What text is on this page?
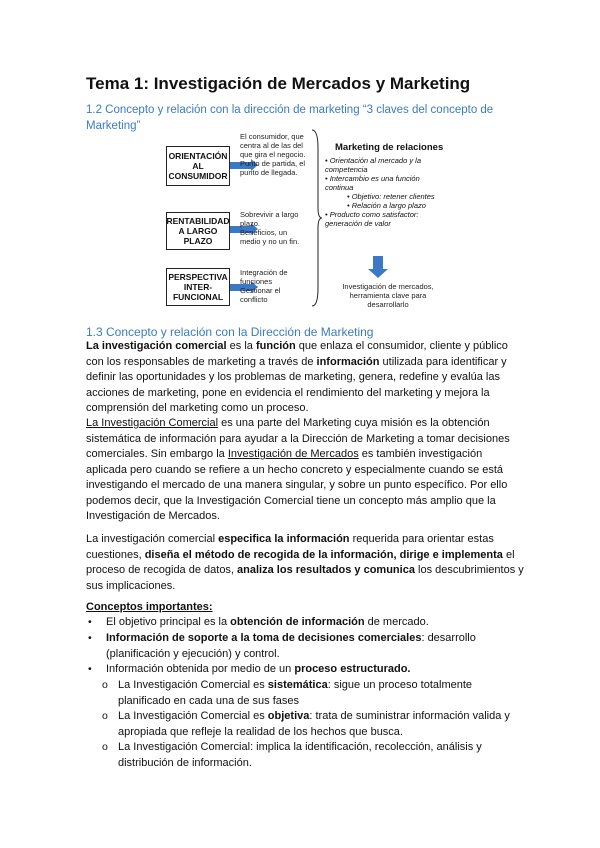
Tema 1: Investigación de Mercados y Marketing
1.2 Concepto y relación con la dirección de marketing “3 claves del concepto de Marketing”
ORIENTACIÓN AL CONSUMIDOR
El consumidor, que centra al de las del que gira el negocio.
Punto de partida, el punto de llegada.
RENTABILIDAD A LARGO PLAZO
Sobrevivir a largo plazo.
Beneficios, un medio y no un fin.
PERSPECTIVA INTER-FUNCIONAL
Integración de funciones
Gestionar el conflicto
Marketing de relaciones
• Orientación al mercado y la competencia
• Intercambio es una función continua
• Objetivo: retener clientes
• Relación a largo plazo
• Producto como satisfactor: generación de valor
Investigación de mercados, herramienta clave para desarrollarlo
1.3 Concepto y relación con la Dirección de Marketing
La investigación comercial es la función que enlaza el consumidor, cliente y público con los responsables de marketing a través de información utilizada para identificar y definir las oportunidades y los problemas de marketing, genera, redefine y evalúa las acciones de marketing, pone en evidencia el rendimiento del marketing y mejora la comprensión del marketing como un proceso.
La Investigación Comercial es una parte del Marketing cuya misión es la obtención sistemática de información para ayudar a la Dirección de Marketing a tomar decisiones comerciales. Sin embargo la Investigación de Mercados es también investigación aplicada pero cuando se refiere a un hecho concreto y especialmente cuando se está investigando el mercado de una manera singular, y sobre un punto específico. Por ello podemos decir, que la Investigación Comercial tiene un concepto más amplio que la Investigación de Mercados.
La investigación comercial especifica la información requerida para orientar estas cuestiones, diseña el método de recogida de la información, dirige e implementa el proceso de recogida de datos, analiza los resultados y comunica los descubrimientos y sus implicaciones.
Conceptos importantes:
• El objetivo principal es la obtención de información de mercado.
• Información de soporte a la toma de decisiones comerciales: desarrollo (planificación y ejecución) y control.
• Información obtenida por medio de un proceso estructurado.
o La Investigación Comercial es sistemática: sigue un proceso totalmente planificado en cada una de sus fases
o La Investigación Comercial es objetiva: trata de suministrar información valida y apropiada que refleje la realidad de los hechos que busca.
o La Investigación Comercial: implica la identificación, recolección, análisis y distribución de información.
